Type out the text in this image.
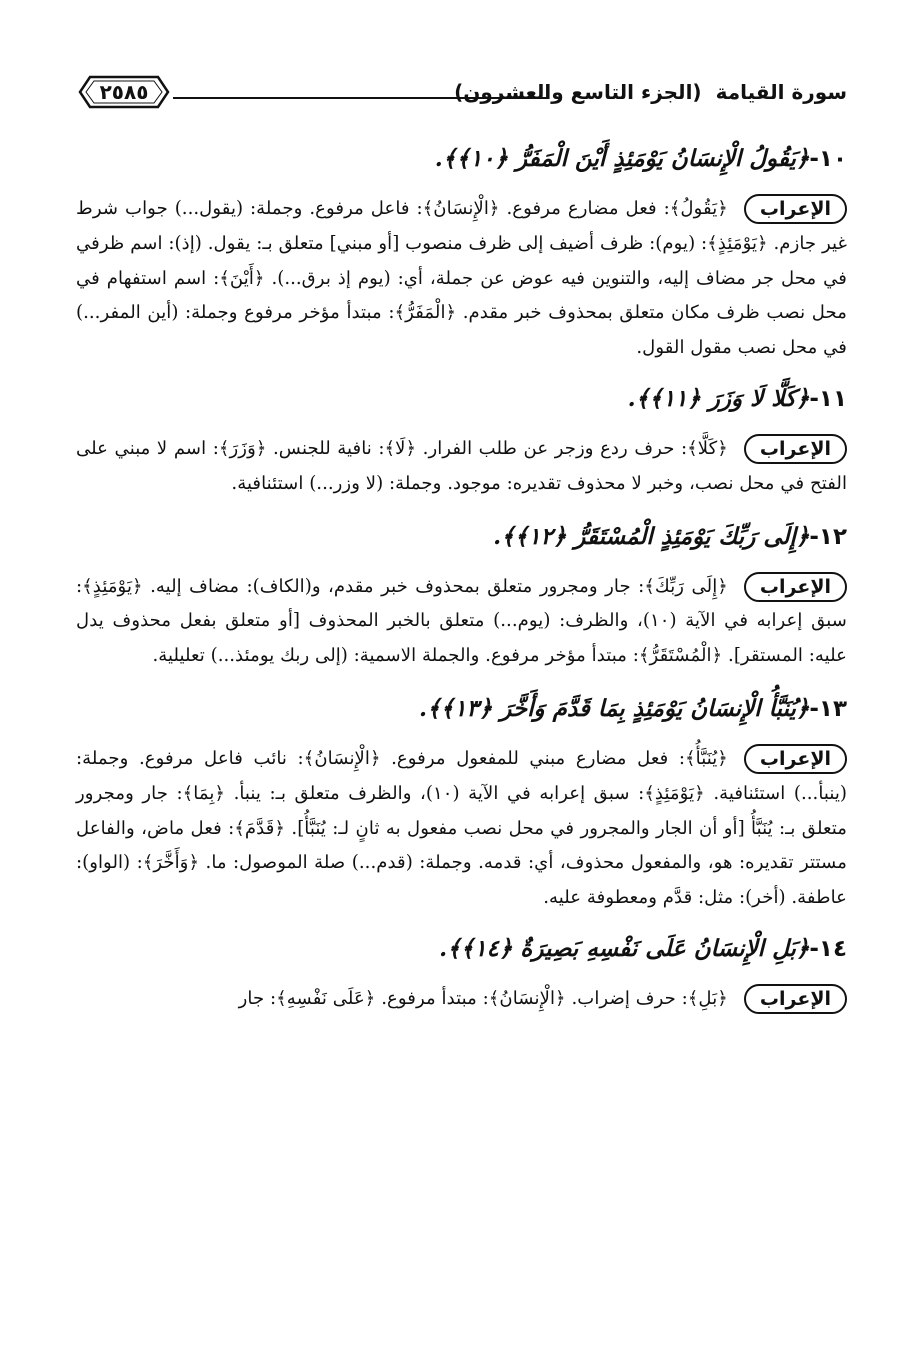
سورة القيامة(الجزء التاسع والعشرون)
٢٥٨٥

١٠-﴿يَقُولُ الْإِنسَانُ يَوْمَئِذٍ أَيْنَ الْمَفَرُّ ﴿١٠﴾﴾.

الإعراب﴿يَقُولُ﴾: فعل مضارع مرفوع. ﴿الْإِنسَانُ﴾: فاعل مرفوع. وجملة: (يقول...) جواب شرط غير جازم. ﴿يَوْمَئِذٍ﴾: (يوم): ظرف أضيف إلى ظرف منصوب [أو مبني] متعلق بـ: يقول. (إذ): اسم ظرفي في محل جر مضاف إليه، والتنوين فيه عوض عن جملة، أي: (يوم إذ برق...). ﴿أَيْنَ﴾: اسم استفهام في محل نصب ظرف مكان متعلق بمحذوف خبر مقدم. ﴿الْمَفَرُّ﴾: مبتدأ مؤخر مرفوع وجملة: (أين المفر...) في محل نصب مقول القول.

١١-﴿كَلَّا لَا وَزَرَ ﴿١١﴾﴾.

الإعراب﴿كَلَّا﴾: حرف ردع وزجر عن طلب الفرار. ﴿لَا﴾: نافية للجنس. ﴿وَزَرَ﴾: اسم لا مبني على الفتح في محل نصب، وخبر لا محذوف تقديره: موجود. وجملة: (لا وزر...) استئنافية.

١٢-﴿إِلَى رَبِّكَ يَوْمَئِذٍ الْمُسْتَقَرُّ ﴿١٢﴾﴾.

الإعراب﴿إِلَى رَبِّكَ﴾: جار ومجرور متعلق بمحذوف خبر مقدم، و(الكاف): مضاف إليه. ﴿يَوْمَئِذٍ﴾: سبق إعرابه في الآية (١٠)، والظرف: (يوم...) متعلق بالخبر المحذوف [أو متعلق بفعل محذوف يدل عليه: المستقر]. ﴿الْمُسْتَقَرُّ﴾: مبتدأ مؤخر مرفوع. والجملة الاسمية: (إلى ربك يومئذ...) تعليلية.

١٣-﴿يُنَبَّأُ الْإِنسَانُ يَوْمَئِذٍ بِمَا قَدَّمَ وَأَخَّرَ ﴿١٣﴾﴾.

الإعراب﴿يُنَبَّأُ﴾: فعل مضارع مبني للمفعول مرفوع. ﴿الْإِنسَانُ﴾: نائب فاعل مرفوع. وجملة: (ينبأ...) استئنافية. ﴿يَوْمَئِذٍ﴾: سبق إعرابه في الآية (١٠)، والظرف متعلق بـ: ينبأ. ﴿بِمَا﴾: جار ومجرور متعلق بـ: يُنَبَّأُ [أو أن الجار والمجرور في محل نصب مفعول به ثانٍ لـ: يُنَبَّأُ]. ﴿قَدَّمَ﴾: فعل ماض، والفاعل مستتر تقديره: هو، والمفعول محذوف، أي: قدمه. وجملة: (قدم...) صلة الموصول: ما. ﴿وَأَخَّرَ﴾: (الواو): عاطفة. (أخر): مثل: قدَّم ومعطوفة عليه.

١٤-﴿بَلِ الْإِنسَانُ عَلَى نَفْسِهِ بَصِيرَةٌ ﴿١٤﴾﴾.

الإعراب﴿بَلِ﴾: حرف إضراب. ﴿الْإِنسَانُ﴾: مبتدأ مرفوع. ﴿عَلَى نَفْسِهِ﴾: جار
